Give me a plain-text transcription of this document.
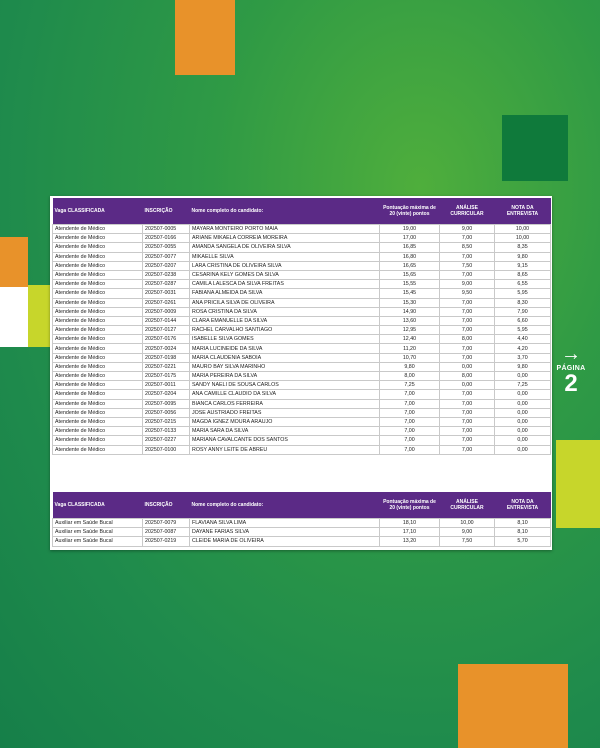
Vaga CLASSIFICADA	INSCRIÇÃO	Nome completo do candidato:	Pontuação máxima de 20 (vinte) pontos	ANÁLISE CURRICULAR	NOTA DA ENTREVISTA
Atendente de Médico	202507-0005	MAYARA MONTEIRO PORTO MAIA	19,00	9,00	10,00
Atendente de Médico	202507-0166	ARIANE MIKAELA CORREIA MOREIRA	17,00	7,00	10,00
Atendente de Médico	202507-0055	AMANDA SANGELA DE OLIVEIRA SILVA	16,85	8,50	8,35
Atendente de Médico	202507-0077	MIKAELLE SILVA	16,80	7,00	9,80
Atendente de Médico	202507-0207	LARA CRISTINA DE OLIVEIRA SILVA	16,65	7,50	9,15
Atendente de Médico	202507-0238	CESARINA KELY GOMES DA SILVA	15,65	7,00	8,65
Atendente de Médico	202507-0287	CAMILA LALESCA DA SILVA FREITAS	15,55	9,00	6,55
Atendente de Médico	202507-0031	FABIANA ALMEIDA DA SILVA	15,45	9,50	5,95
Atendente de Médico	202507-0261	ANA PRICILA SILVA DE OLIVEIRA	15,30	7,00	8,30
Atendente de Médico	202507-0009	ROSA CRISTINA DA SILVA	14,90	7,00	7,90
Atendente de Médico	202507-0144	CLARA EMANUELLE DA SILVA	13,60	7,00	6,60
Atendente de Médico	202507-0127	RACHEL CARVALHO SANTIAGO	12,95	7,00	5,95
Atendente de Médico	202507-0176	ISABELLE SILVA GOMES	12,40	8,00	4,40
Atendente de Médico	202507-0024	MARIA LUCINEIDE DA SILVA	11,20	7,00	4,20
Atendente de Médico	202507-0198	MARIA CLAUDENIA SABOIA	10,70	7,00	3,70
Atendente de Médico	202507-0221	MAURO BAY SILVA MARINHO	9,80	0,00	9,80
Atendente de Médico	202507-0175	MARIA PEREIRA DA SILVA	8,00	8,00	0,00
Atendente de Médico	202507-0011	SANDY NAELI DE SOUSA CARLOS	7,25	0,00	7,25
Atendente de Médico	202507-0204	ANA CAMILLE CLAUDIO DA SILVA	7,00	7,00	0,00
Atendente de Médico	202507-0095	BIANCA CARLOS FERREIRA	7,00	7,00	0,00
Atendente de Médico	202507-0056	JOSE AUSTRIADO FREITAS	7,00	7,00	0,00
Atendente de Médico	202507-0215	MAGDA IGNEZ MOURA ARAUJO	7,00	7,00	0,00
Atendente de Médico	202507-0133	MARIA SARA DA SILVA	7,00	7,00	0,00
Atendente de Médico	202507-0227	MARIANA CAVALCANTE DOS SANTOS	7,00	7,00	0,00
Atendente de Médico	202507-0100	ROSY ANNY LEITE DE ABREU	7,00	7,00	0,00
Vaga CLASSIFICADA	INSCRIÇÃO	Nome completo do candidato:	Pontuação máxima de 20 (vinte) pontos	ANÁLISE CURRICULAR	NOTA DA ENTREVISTA
Auxiliar em Saúde Bucal	202507-0079	FLAVIANA SILVA LIMA	18,10	10,00	8,10
Auxiliar em Saúde Bucal	202507-0087	DAYANE FARIAS SILVA	17,10	9,00	8,10
Auxiliar em Saúde Bucal	202507-0219	CLEIDE MARIA DE OLIVEIRA	13,20	7,50	5,70
→
PÁGINA
2
